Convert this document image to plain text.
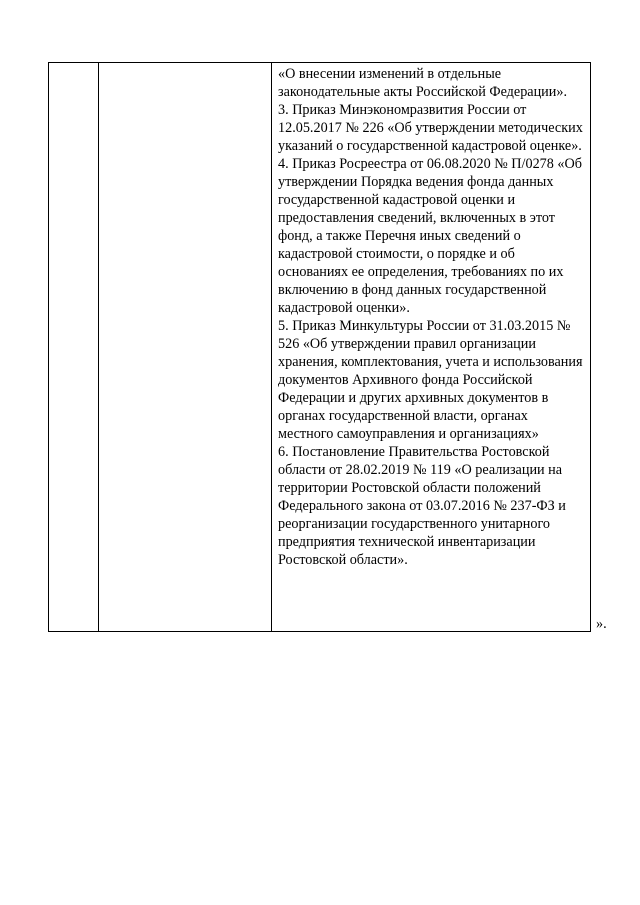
«О внесении изменений в отдельные законодательные акты Российской Федерации».

3. Приказ Минэкономразвития России от 12.05.2017 № 226 «Об утверждении методических указаний о государственной кадастровой оценке».

4. Приказ Росреестра от 06.08.2020 № П/0278 «Об утверждении Порядка ведения фонда данных государственной кадастровой оценки и предоставления сведений, включенных в этот фонд, а также Перечня иных сведений о кадастровой стоимости, о порядке и об основаниях ее определения, требованиях по их включению в фонд данных государственной кадастровой оценки».

5. Приказ Минкультуры России от 31.03.2015 № 526 «Об утверждении правил организации хранения, комплектования, учета и использования документов Архивного фонда Российской Федерации и других архивных документов в органах государственной власти, органах местного самоуправления и организациях»

6. Постановление Правительства Ростовской области от 28.02.2019 № 119 «О реализации на территории Ростовской области положений Федерального закона от 03.07.2016 № 237-ФЗ и реорганизации государственного унитарного предприятия технической инвентаризации Ростовской области».

».
